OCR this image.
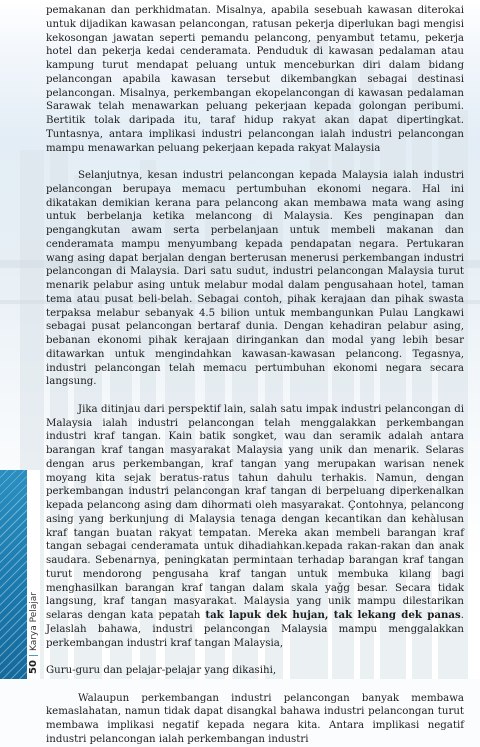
pemakanan dan perkhidmatan. Misalnya, apabila sesebuah kawasan diterokai untuk dijadikan kawasan pelancongan, ratusan pekerja diperlukan bagi mengisi kekosongan jawatan seperti pemandu pelancong, penyambut tetamu, pekerja hotel dan pekerja kedai cenderamata. Penduduk di kawasan pedalaman atau kampung turut mendapat peluang untuk menceburkan diri dalam bidang pelancongan apabila kawasan tersebut dikembangkan sebagai destinasi pelancongan. Misalnya, perkembangan ekopelancongan di kawasan pedalaman Sarawak telah menawarkan peluang pekerjaan kepada golongan peribumi. Bertitik tolak daripada itu, taraf hidup rakyat akan dapat dipertingkat. Tuntasnya, antara implikasi industri pelancongan ialah industri pelancongan mampu menawarkan peluang pekerjaan kepada rakyat Malaysia

Selanjutnya, kesan industri pelancongan kepada Malaysia ialah industri pelancongan berupaya memacu pertumbuhan ekonomi negara. Hal ini dikatakan demikian kerana para pelancong akan membawa mata wang asing untuk berbelanja ketika melancong di Malaysia. Kes penginapan dan pengangkutan awam serta perbelanjaan untuk membeli makanan dan cenderamata mampu menyumbang kepada pendapatan negara. Pertukaran wang asing dapat berjalan dengan berterusan menerusi perkembangan industri pelancongan di Malaysia. Dari satu sudut, industri pelancongan Malaysia turut menarik pelabur asing untuk melabur modal dalam pengusahaan hotel, taman tema atau pusat beli-belah. Sebagai contoh, pihak kerajaan dan pihak swasta terpaksa melabur sebanyak 4.5 bilion untuk membangunkan Pulau Langkawi sebagai pusat pelancongan bertaraf dunia. Dengan kehadiran pelabur asing, bebanan ekonomi pihak kerajaan diringankan dan modal yang lebih besar ditawarkan untuk mengindahkan kawasan-kawasan pelancong. Tegasnya, industri pelancongan telah memacu pertumbuhan ekonomi negara secara langsung.

Jika ditinjau dari perspektif lain, salah satu impak industri pelancongan di Malaysia ialah industri pelancongan telah menggalakkan perkembangan industri kraf tangan. Kain batik songket, wau dan seramik adalah antara barangan kraf tangan masyarakat Malaysia yang unik dan menarik. Selaras dengan arus perkembangan, kraf tangan yang merupakan warisan nenek moyang kita sejak beratus-ratus tahun dahulu terhakis. Namun, dengan perkembangan industri pelancongan kraf tangan di berpeluang diperkenalkan kepada pelancong asing dam dihormati oleh masyarakat. Çontohnya, pelancong asing yang berkunjung di Malaysia tenaga dengan kecantikan dan kehàlusan kraf tangan buatan rakyat tempatan. Mereka akan membeli barangan kraf tangan sebagai cenderamata untuk dihadiahkan.kepada rakan-rakan dan anak saudara. Sebenarnya, peningkatan permintaan terhadap barangan kraf tangan turut mendorong pengusaha kraf tangan untuk membuka kilang bagi menghasilkan barangan kraf tangan dalam skala yaǧg besar. Secara tidak langsung, kraf tangan masyarakat. Malaysia yang unik mampu dilestarikan selaras dengan kata pepatah tak lapuk dek hujan, tak lekang dek panas. Jelaslah bahawa, industri pelancongan Malaysia mampu menggalakkan perkembangan industri kraf tangan Malaysia,

Guru-guru dan pelajar-pelajar yang dikasihi,

Walaupun perkembangan industri pelancongan banyak membawa kemaslahatan, namun tidak dapat disangkal bahawa industri pelancongan turut membawa implikasi negatif kepada negara kita. Antara implikasi negatif industri pelancongan ialah perkembangan industri

50|Karya Pelajar
